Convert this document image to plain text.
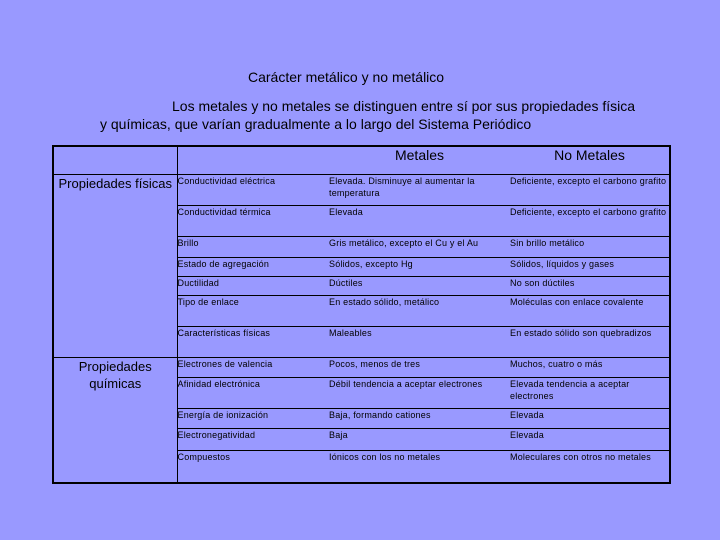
Carácter metálico y no metálico
Los metales y no metales se distinguen entre sí por sus propiedades física
y químicas, que varían gradualmente a lo largo del Sistema Periódico
		Metales	No Metales
Propiedades físicas	Conductividad eléctrica	Elevada. Disminuye al aumentar la temperatura	Deficiente, excepto el carbono grafito
	Conductividad térmica	Elevada	Deficiente, excepto el carbono grafito
	Brillo	Gris metálico, excepto el Cu y el Au	Sin brillo metálico
	Estado de agregación	Sólidos, excepto Hg	Sólidos, líquidos y gases
	Ductilidad	Dúctiles	No son dúctiles
	Tipo de enlace	En estado sólido, metálico	Moléculas con enlace covalente
	Características físicas	Maleables	En estado sólido son quebradizos
Propiedades químicas	Electrones de valencia	Pocos, menos de tres	Muchos, cuatro o más
	Afinidad electrónica	Débil tendencia a aceptar electrones	Elevada tendencia a aceptar electrones
	Energía de ionización	Baja, formando cationes	Elevada
	Electronegatividad	Baja	Elevada
	Compuestos	Iónicos con los no metales	Moleculares con otros no metales
